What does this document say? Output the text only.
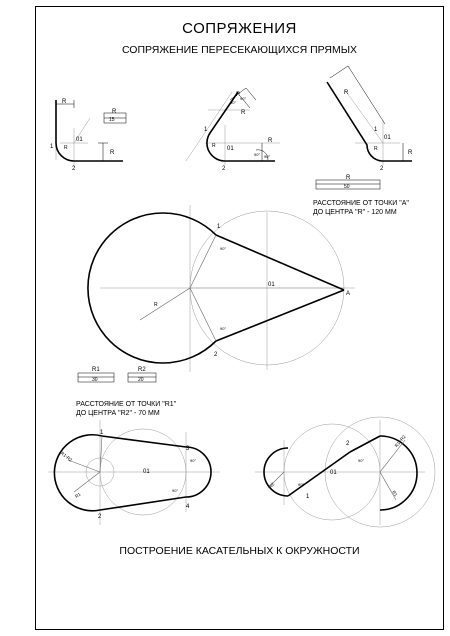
СОПРЯЖЕНИЯ
СОПРЯЖЕНИЕ ПЕРЕСЕКАЮЩИХСЯ ПРЯМЫХ
ПОСТРОЕНИЕ КАСАТЕЛЬНЫХ К ОКРУЖНОСТИ
РАССТОЯНИЕ ОТ ТОЧКИ "А"
ДО ЦЕНТРА "R" - 120 ММ
РАССТОЯНИЕ ОТ ТОЧКИ "R1"
ДО ЦЕНТРА "R2" - 70 ММ
R
R
15
01
1
2
R
R
R
R
90°
90°
01
1
2
R
90° 90°
R
R
01
1
2
R
R
R
50
1
2
A
01
R
90°
90°
R1
30
R2
20
1
2
3
4
01
R1-R2
R1
90°
90°
2
1
01
R2
R1+R2
R1
90°
90°
